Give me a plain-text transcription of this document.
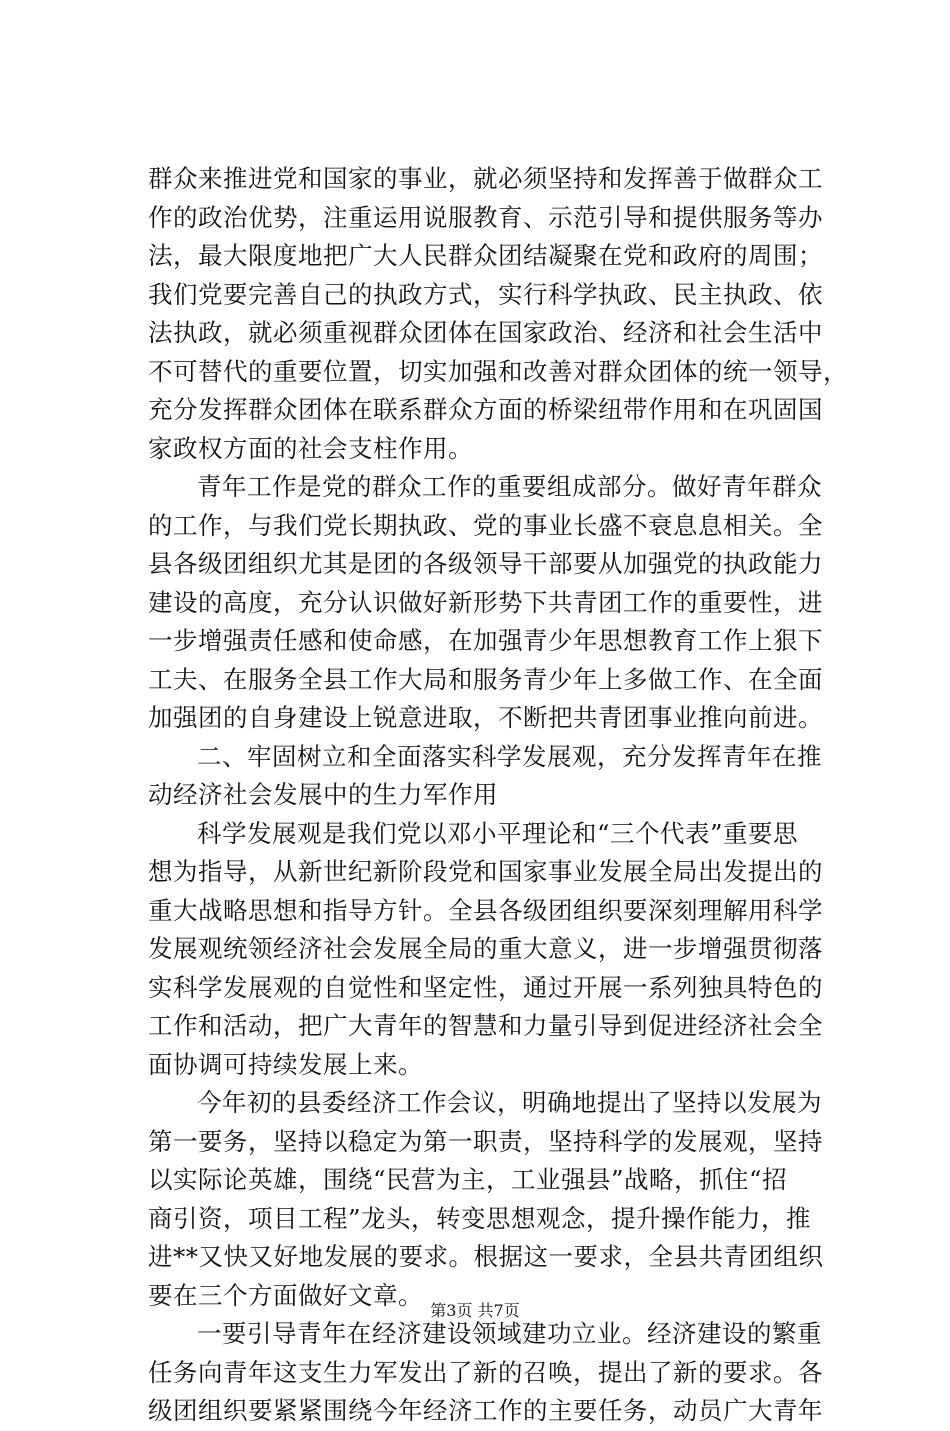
群众来推进党和国家的事业，就必须坚持和发挥善于做群众工
作的政治优势，注重运用说服教育、示范引导和提供服务等办
法，最大限度地把广大人民群众团结凝聚在党和政府的周围；
我们党要完善自己的执政方式，实行科学执政、民主执政、依
法执政，就必须重视群众团体在国家政治、经济和社会生活中
不可替代的重要位置，切实加强和改善对群众团体的统一领导，
充分发挥群众团体在联系群众方面的桥梁纽带作用和在巩固国
家政权方面的社会支柱作用。
青年工作是党的群众工作的重要组成部分。做好青年群众
的工作，与我们党长期执政、党的事业长盛不衰息息相关。全
县各级团组织尤其是团的各级领导干部要从加强党的执政能力
建设的高度，充分认识做好新形势下共青团工作的重要性，进
一步增强责任感和使命感，在加强青少年思想教育工作上狠下
工夫、在服务全县工作大局和服务青少年上多做工作、在全面
加强团的自身建设上锐意进取，不断把共青团事业推向前进。
二、牢固树立和全面落实科学发展观，充分发挥青年在推
动经济社会发展中的生力军作用
科学发展观是我们党以邓小平理论和“三个代表”重要思
想为指导，从新世纪新阶段党和国家事业发展全局出发提出的
重大战略思想和指导方针。全县各级团组织要深刻理解用科学
发展观统领经济社会发展全局的重大意义，进一步增强贯彻落
实科学发展观的自觉性和坚定性，通过开展一系列独具特色的
工作和活动，把广大青年的智慧和力量引导到促进经济社会全
面协调可持续发展上来。
今年初的县委经济工作会议，明确地提出了坚持以发展为
第一要务，坚持以稳定为第一职责，坚持科学的发展观，坚持
以实际论英雄，围绕“民营为主，工业强县”战略，抓住“招
商引资，项目工程”龙头，转变思想观念，提升操作能力，推
进**又快又好地发展的要求。根据这一要求，全县共青团组织
要在三个方面做好文章。
一要引导青年在经济建设领域建功立业。经济建设的繁重
任务向青年这支生力军发出了新的召唤，提出了新的要求。各
级团组织要紧紧围绕今年经济工作的主要任务，动员广大青年
第3页 共7页
